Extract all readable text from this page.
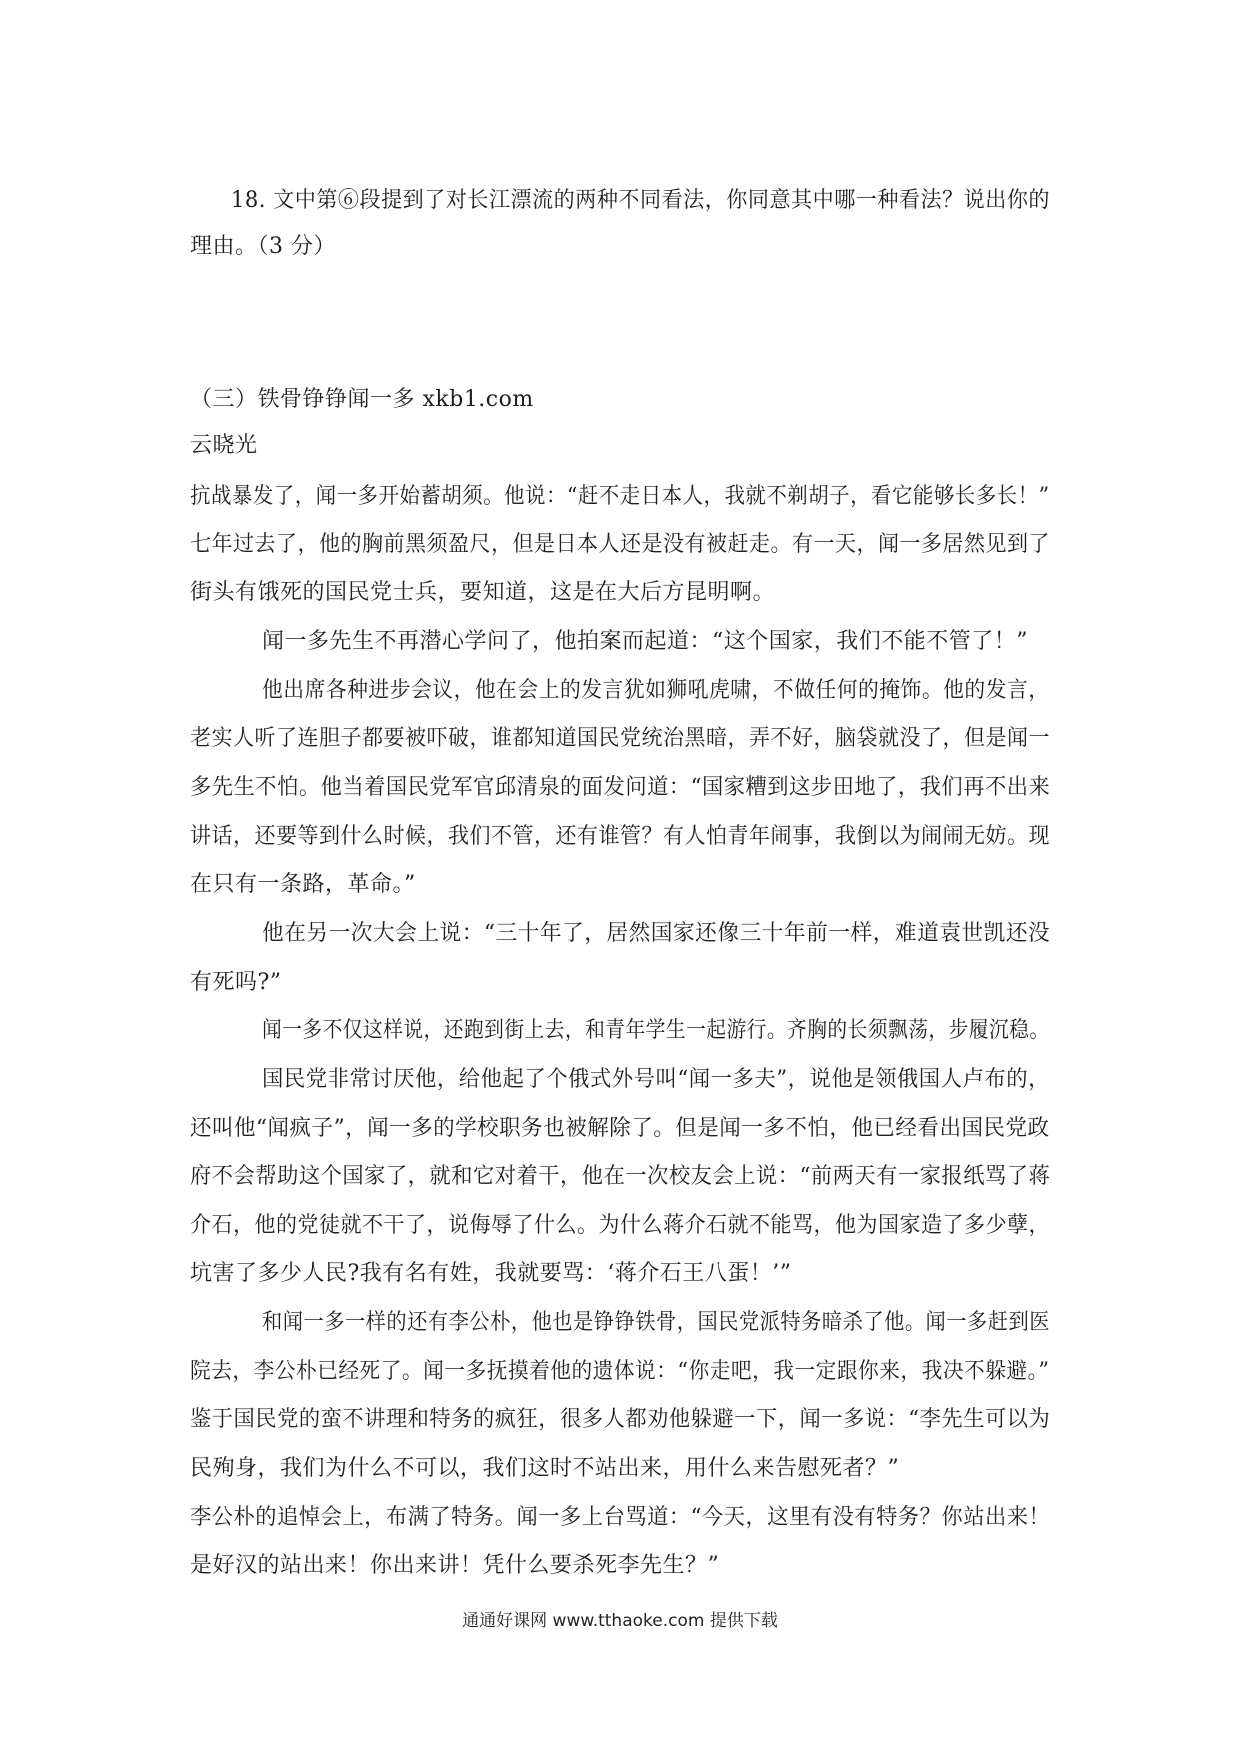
18. 文中第⑥段提到了对长江漂流的两种不同看法，你同意其中哪一种看法？说出你的
理由。（3 分）
（三）铁骨铮铮闻一多 xkb1.com
云晓光
抗战暴发了，闻一多开始蓄胡须。他说：“赶不走日本人，我就不剃胡子，看它能够长多长！”
七年过去了，他的胸前黑须盈尺，但是日本人还是没有被赶走。有一天，闻一多居然见到了
街头有饿死的国民党士兵，要知道，这是在大后方昆明啊。
闻一多先生不再潜心学问了，他拍案而起道：“这个国家，我们不能不管了！”
他出席各种进步会议，他在会上的发言犹如狮吼虎啸，不做任何的掩饰。他的发言，
老实人听了连胆子都要被吓破，谁都知道国民党统治黑暗，弄不好，脑袋就没了，但是闻一
多先生不怕。他当着国民党军官邱清泉的面发问道：“国家糟到这步田地了，我们再不出来
讲话，还要等到什么时候，我们不管，还有谁管？有人怕青年闹事，我倒以为闹闹无妨。现
在只有一条路，革命。”
他在另一次大会上说：“三十年了，居然国家还像三十年前一样，难道袁世凯还没
有死吗?”
闻一多不仅这样说，还跑到街上去，和青年学生一起游行。齐胸的长须飘荡，步履沉稳。
国民党非常讨厌他，给他起了个俄式外号叫“闻一多夫”，说他是领俄国人卢布的，
还叫他“闻疯子”，闻一多的学校职务也被解除了。但是闻一多不怕，他已经看出国民党政
府不会帮助这个国家了，就和它对着干，他在一次校友会上说：“前两天有一家报纸骂了蒋
介石，他的党徒就不干了，说侮辱了什么。为什么蒋介石就不能骂，他为国家造了多少孽，
坑害了多少人民?我有名有姓，我就要骂：‘蒋介石王八蛋！’”
和闻一多一样的还有李公朴，他也是铮铮铁骨，国民党派特务暗杀了他。闻一多赶到医
院去，李公朴已经死了。闻一多抚摸着他的遗体说：“你走吧，我一定跟你来，我决不躲避。”
鉴于国民党的蛮不讲理和特务的疯狂，很多人都劝他躲避一下，闻一多说：“李先生可以为
民殉身，我们为什么不可以，我们这时不站出来，用什么来告慰死者？”
李公朴的追悼会上，布满了特务。闻一多上台骂道：“今天，这里有没有特务？你站出来！
是好汉的站出来！你出来讲！凭什么要杀死李先生？”
通通好课网 www.tthaoke.com 提供下载
